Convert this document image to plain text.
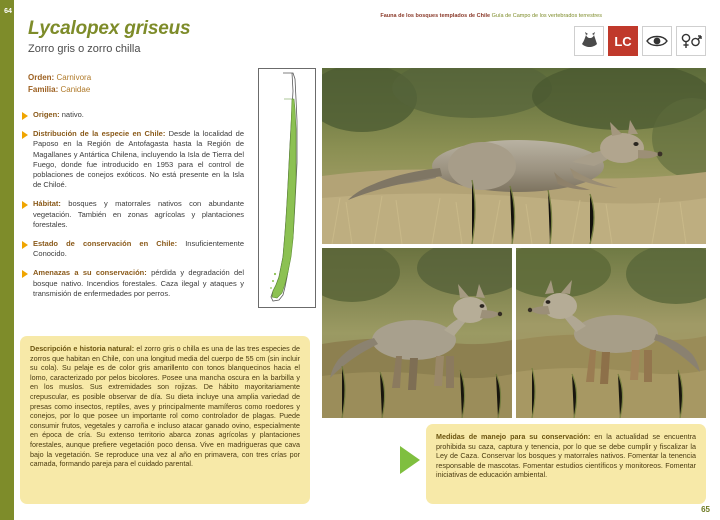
64
Lycalopex griseus
Zorro gris o zorro chilla
Fauna de los bosques templados de Chile Guía de Campo de los vertebrados terrestres
LC
Orden: Carnivora
Familia: Canidae
Origen: nativo.
Distribución de la especie en Chile: Desde la localidad de Paposo en la Región de Antofagasta hasta la Región de Magallanes y Antártica Chilena, incluyendo la Isla de Tierra del Fuego, donde fue introducido en 1953 para el control de poblaciones de conejos exóticos. No está presente en la Isla de Chiloé.
Hábitat: bosques y matorrales nativos con abundante vegetación. También en zonas agrícolas y plantaciones forestales.
Estado de conservación en Chile: Insuficientemente Conocido.
Amenazas a su conservación: pérdida y degradación del bosque nativo. Incendios forestales. Caza ilegal y ataques y transmisión de enfermedades por perros.
Descripción e historia natural: el zorro gris o chilla es una de las tres especies de zorros que habitan en Chile, con una longitud media del cuerpo de 55 cm (sin incluir su cola). Su pelaje es de color gris amarillento con tonos blanquecinos hacia el lomo, caracterizado por pelos bicolores. Posee una mancha oscura en la barbilla y en los muslos. Sus extremidades son rojizas. De hábito mayoritariamente crepuscular, es posible observar de día. Su dieta incluye una amplia variedad de presas como insectos, reptiles, aves y principalmente mamíferos como roedores y conejos, por lo que posee un importante rol como controlador de plagas. Puede consumir frutos, vegetales y carroña e incluso atacar ganado ovino, especialmente en época de cría. Su extenso territorio abarca zonas agrícolas y plantaciones forestales, aunque prefiere vegetación poco densa. Vive en madrigueras que cava bajo la vegetación. Se reproduce una vez al año en primavera, con tres crías por camada, formando pareja para el cuidado parental.
Medidas de manejo para su conservación: en la actualidad se encuentra prohibida su caza, captura y tenencia, por lo que se debe cumplir y fiscalizar la Ley de Caza. Conservar los bosques y matorrales nativos. Fomentar la tenencia responsable de mascotas. Fomentar estudios científicos y monitoreos. Fomentar iniciativas de educación ambiental.
65
